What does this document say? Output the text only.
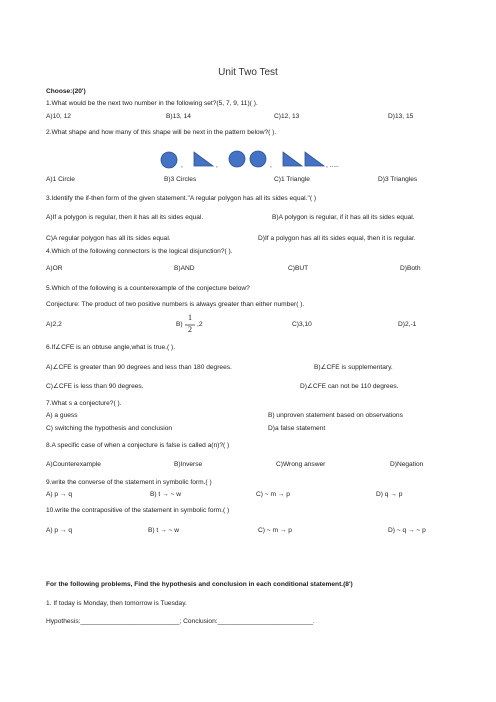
Unit Two Test
Choose:(20')
1.What would be the next two number in the following set?(5, 7, 9, 11)( ).
A)10, 12	B)13, 14	C)12, 13	D)13, 15
2.What shape and how many of this shape will be next in the pattern below?( ).
,	,	,	, .....
A)1 Circle	B)3 Circles	C)1 Triangle	D)3 Triangles
3.Identify the if-then form of the given statement."A regular polygon has all its sides equal."( )
A)If a polygon is regular, then it has all its sides equal.	B)A polygon is regular, if it has all its sides equal.
C)A regular polygon has all its sides equal.	D)If a polygon has all its sides equal, then it is regular.
4.Which of the following connectors is the logical disjunction?( ).
A)OR	B)AND	C)BUT	D)Both
5.Which of the following is a counterexample of the conjecture below?
Conjecture: The product of two positive numbers is always greater than either number( ).
A)2,2	B)
1
2
,2	C)3,10	D)2,-1
6.If∠CFE is an obtuse angle,what is true.( ).
A)∠CFE is greater than 90 degrees and less than 180 degrees.	B)∠CFE is supplementary.
C)∠CFE is less than 90 degrees.	D)∠CFE can not be 110 degrees.
7.What s a conjecture?( ).
A) a guess	B) unproven statement based on observations
C) switching the hypothesis and conclusion	D)a false statement
8.A specific case of when a conjecture is false is called a(n)?( )
A)Counterexample	B)Inverse	C)Wrong answer	D)Negation
9.write the converse of the statement in symbolic form.( )
A) p → q	B) t → ~ w	C) ~ m → p	D) q → p
10.write the contrapositive of the statement in symbolic form.( )
A) p → q	B) t → ~ w	C) ~ m → p	D) ~ q → ~ p
For the following problems, Find the hypothesis and conclusion in each conditional statement.(8')
1. If today is Monday, then tomorrow is Tuesday.
Hypothesis:___________________________; Conclusion:__________________________.
